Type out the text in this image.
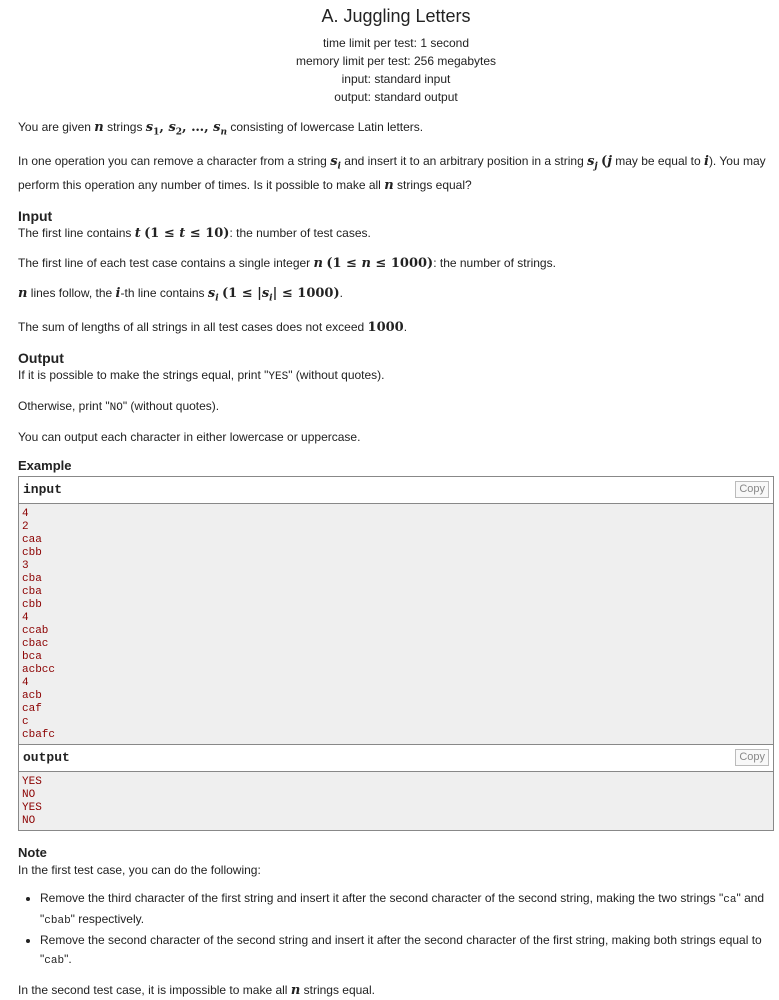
A. Juggling Letters
time limit per test: 1 second
memory limit per test: 256 megabytes
input: standard input
output: standard output

You are given n strings $s_1$, $s_2$, …, $s_n$ consisting of lowercase Latin letters.

In one operation you can remove a character from a string $s_i$ and insert it to an arbitrary position in a string $s_j$ (j may be equal to i). You may perform this operation any number of times. Is it possible to make all n strings equal?

Input

The first line contains t (1 ≤ t ≤ 10): the number of test cases.

The first line of each test case contains a single integer n (1 ≤ n ≤ 1000): the number of strings.

n lines follow, the i-th line contains $s_i$ $(1 \le |s_i| \le 1000)$.

The sum of lengths of all strings in all test cases does not exceed 1000.

Output

If it is possible to make the strings equal, print "YES" (without quotes).

Otherwise, print "NO" (without quotes).

You can output each character in either lowercase or uppercase.

Example
input	Copy
4
2
caa
cbb
3
cba
cba
cbb
4
ccab
cbac
bca
acbcc
4
acb
caf
c
cbafc
output	Copy
YES
NO
YES
NO
Note

In the first test case, you can do the following:

• Remove the third character of the first string and insert it after the second character of the second string, making the two strings "ca" and "cbab" respectively.
• Remove the second character of the second string and insert it after the second character of the first string, making both strings equal to "cab".

In the second test case, it is impossible to make all n strings equal.
